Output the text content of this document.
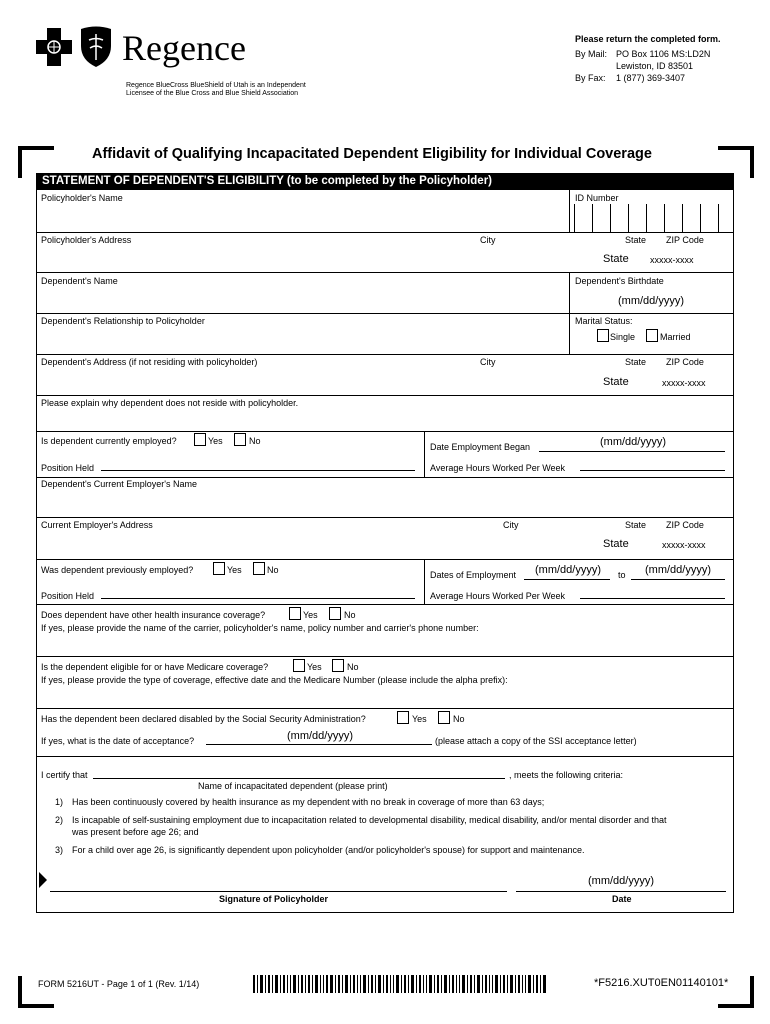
Regence
Regence BlueCross BlueShield of Utah is an Independent
Licensee of the Blue Cross and Blue Shield Association
Please return the completed form.
By Mail: PO Box 1106 MS:LD2N
Lewiston, ID 83501
By Fax: 1 (877) 369-3407
Affidavit of Qualifying Incapacitated Dependent Eligibility for Individual Coverage
STATEMENT OF DEPENDENT'S ELIGIBILITY (to be completed by the Policyholder)
Policyholder's Name	ID Number
Policyholder's Address	City	State ZIP Code
State xxxxx-xxxx
Dependent's Name	Dependent's Birthdate
(mm/dd/yyyy)
Dependent's Relationship to Policyholder	Marital Status:
Single	Married
Dependent's Address (if not residing with policyholder)	City	State ZIP Code
State	xxxxx-xxxx
Please explain why dependent does not reside with policyholder.
Is dependent currently employed?	Yes	No
Date Employment Began	(mm/dd/yyyy)
Position Held	Average Hours Worked Per Week
Dependent's Current Employer's Name
Current Employer's Address	City	State ZIP Code
State	xxxxx-xxxx
Was dependent previously employed?	Yes	No	Dates of Employment (mm/dd/yyyy) to (mm/dd/yyyy)
Position Held	Average Hours Worked Per Week
Does dependent have other health insurance coverage?	Yes	No
If yes, please provide the name of the carrier, policyholder's name, policy number and carrier's phone number:
Is the dependent eligible for or have Medicare coverage?	Yes	No
If yes, please provide the type of coverage, effective date and the Medicare Number (please include the alpha prefix):
Has the dependent been declared disabled by the Social Security Administration?	Yes	No
If yes, what is the date of acceptance?	(mm/dd/yyyy)	(please attach a copy of the SSI acceptance letter)
I certify that	, meets the following criteria:
Name of incapacitated dependent (please print)
1) Has been continuously covered by health insurance as my dependent with no break in coverage of more than 63 days;
2) Is incapable of self-sustaining employment due to incapacitation related to developmental disability, medical disability, and/or mental disorder and that
was present before age 26; and
3) For a child over age 26, is significantly dependent upon policyholder (and/or policyholder's spouse) for support and maintenance.
Signature of Policyholder
(mm/dd/yyyy)
Date
FORM 5216UT - Page 1 of 1 (Rev. 1/14)	*F5216.XUT0EN01140101*
